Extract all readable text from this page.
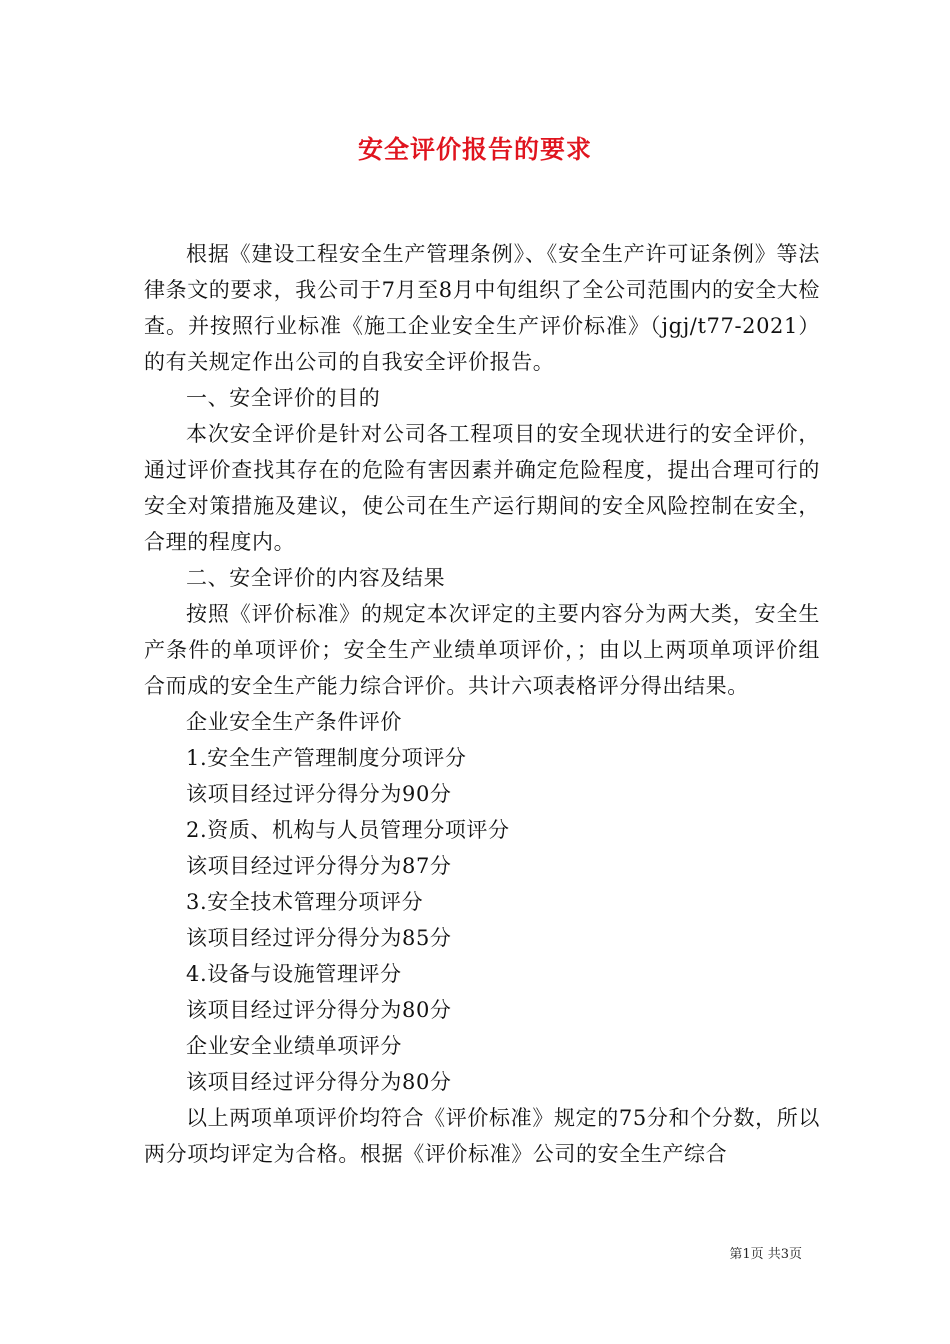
安全评价报告的要求

根据《建设工程安全生产管理条例》、《安全生产许可证条例》等法律条文的要求，我公司于7月至8月中旬组织了全公司范围内的安全大检查。并按照行业标准《施工企业安全生产评价标准》（jgj/t77-2021）的有关规定作出公司的自我安全评价报告。

一、安全评价的目的

本次安全评价是针对公司各工程项目的安全现状进行的安全评价，通过评价查找其存在的危险有害因素并确定危险程度，提出合理可行的安全对策措施及建议，使公司在生产运行期间的安全风险控制在安全，合理的程度内。

二、安全评价的内容及结果

按照《评价标准》的规定本次评定的主要内容分为两大类，安全生产条件的单项评价；安全生产业绩单项评价，；由以上两项单项评价组合而成的安全生产能力综合评价。共计六项表格评分得出结果。

企业安全生产条件评价

1.安全生产管理制度分项评分

该项目经过评分得分为90分

2.资质、机构与人员管理分项评分

该项目经过评分得分为87分

3.安全技术管理分项评分

该项目经过评分得分为85分

4.设备与设施管理评分

该项目经过评分得分为80分

企业安全业绩单项评分

该项目经过评分得分为80分

以上两项单项评价均符合《评价标准》规定的75分和个分数，所以两分项均评定为合格。根据《评价标准》公司的安全生产综合

第1页 共3页
